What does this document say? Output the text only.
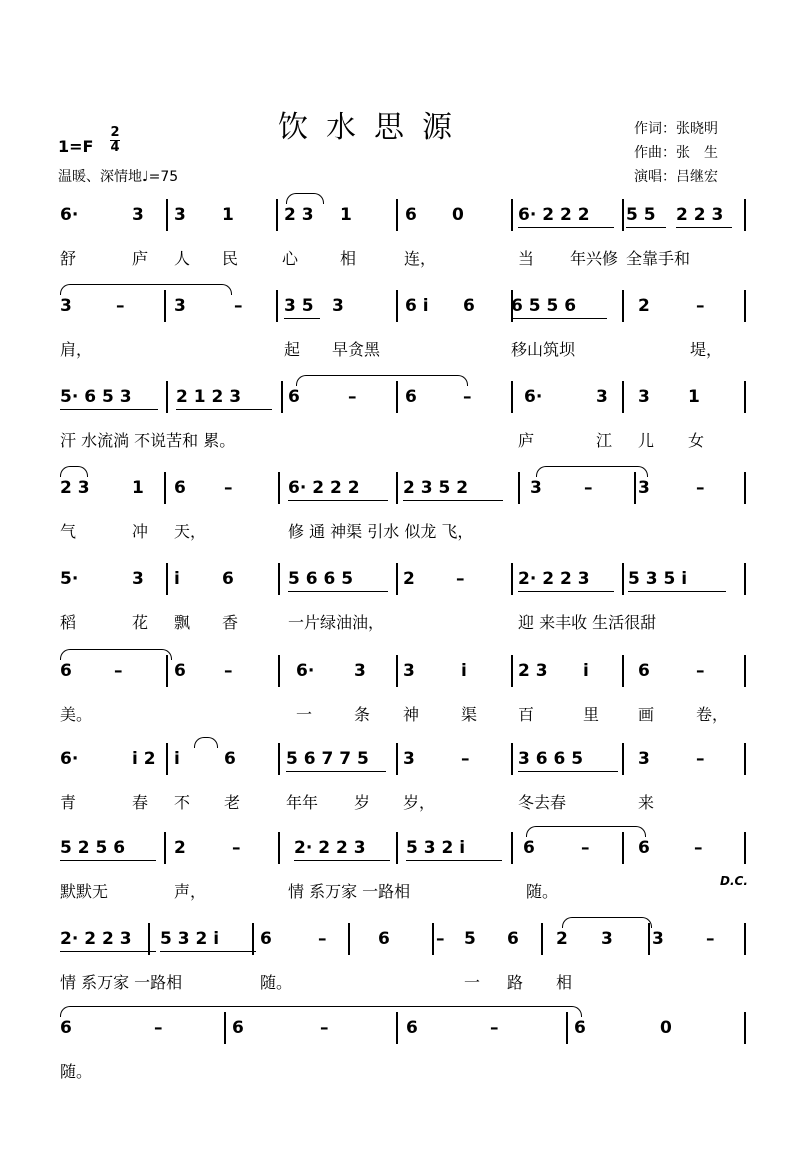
饮水思源
1=F
2
4
温暖、深情地♩=75
作词：张晓明
作曲：张　生
演唱：吕继宏
6·	3 3 1	2 3 1	6 0	6· 2 2 2 5 5 2 2 3
舒	庐 人 民	心	相	连，	当 年兴修 全靠手和
3	–	3	– 3 5 3	6 i 6 6 5 5 6	2	–
肩，	起 早贪黑	移山筑坝	堤，
5· 6 5 3	2 1 2 3	6	–	6	–	6·	3 3 1
汗 水流淌 不说苦和 累。	庐	江 儿 女
2 3 1 6 –	6· 2 2 2	2 3 5 2	3 –	3	–
气	冲 天，	修 通 神渠 引水 似龙 飞，
5·	3 i 6	5 6 6 5	2 –	2· 2 2 3 5 3 5 i
稻	花 飘 香	一片绿油油，	迎 来丰收 生活很甜
6 –	6 –	6· 3 3	i	2 3 i	6	–
美。	一	条 神	渠	百	里 画	卷，
6·	i 2 i	6	5 6 7 7 5 3	–	3 6 6 5	3	–
青	春 不 老	年年 岁 岁，	冬去春	来
5 2 5 6	2	–	2· 2 2 3 5 3 2 i	6	–	6	–
D.C.
默默无	声，	情 系万家 一路相	随。
2· 2 2 3 5 3 2 i 6	–	6	– 5 6 2 3 3 –
情 系万家 一路相	随。	一 路 相
6	–	6	–	6	–	6	0
随。
